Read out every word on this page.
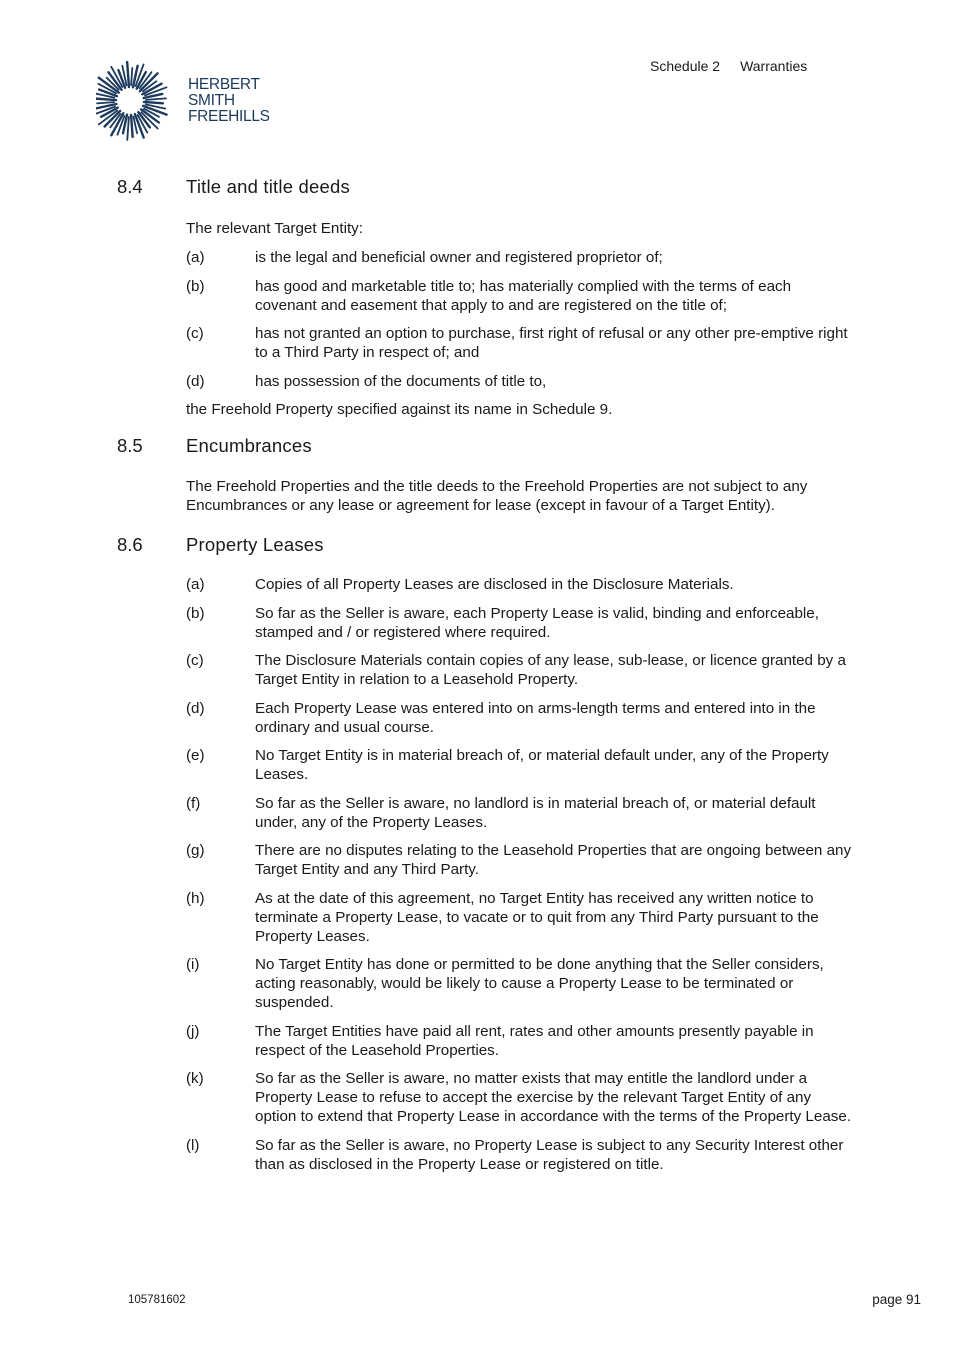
HERBERT
SMITH
FREEHILLS
Schedule 2 Warranties
8.4 Title and title deeds
The relevant Target Entity:
(a)	is the legal and beneficial owner and registered proprietor of;
(b)	has good and marketable title to; has materially complied with the terms of each covenant and easement that apply to and are registered on the title of;
(c)	has not granted an option to purchase, first right of refusal or any other pre-emptive right to a Third Party in respect of; and
(d)	has possession of the documents of title to,
the Freehold Property specified against its name in Schedule 9.
8.5 Encumbrances
The Freehold Properties and the title deeds to the Freehold Properties are not subject to any Encumbrances or any lease or agreement for lease (except in favour of a Target Entity).
8.6 Property Leases
(a)	Copies of all Property Leases are disclosed in the Disclosure Materials.
(b)	So far as the Seller is aware, each Property Lease is valid, binding and enforceable, stamped and / or registered where required.
(c)	The Disclosure Materials contain copies of any lease, sub-lease, or licence granted by a Target Entity in relation to a Leasehold Property.
(d)	Each Property Lease was entered into on arms-length terms and entered into in the ordinary and usual course.
(e)	No Target Entity is in material breach of, or material default under, any of the Property Leases.
(f)	So far as the Seller is aware, no landlord is in material breach of, or material default under, any of the Property Leases.
(g)	There are no disputes relating to the Leasehold Properties that are ongoing between any Target Entity and any Third Party.
(h)	As at the date of this agreement, no Target Entity has received any written notice to terminate a Property Lease, to vacate or to quit from any Third Party pursuant to the Property Leases.
(i)	No Target Entity has done or permitted to be done anything that the Seller considers, acting reasonably, would be likely to cause a Property Lease to be terminated or suspended.
(j)	The Target Entities have paid all rent, rates and other amounts presently payable in respect of the Leasehold Properties.
(k)	So far as the Seller is aware, no matter exists that may entitle the landlord under a Property Lease to refuse to accept the exercise by the relevant Target Entity of any option to extend that Property Lease in accordance with the terms of the Property Lease.
(l)	So far as the Seller is aware, no Property Lease is subject to any Security Interest other than as disclosed in the Property Lease or registered on title.
105781602	page 91
